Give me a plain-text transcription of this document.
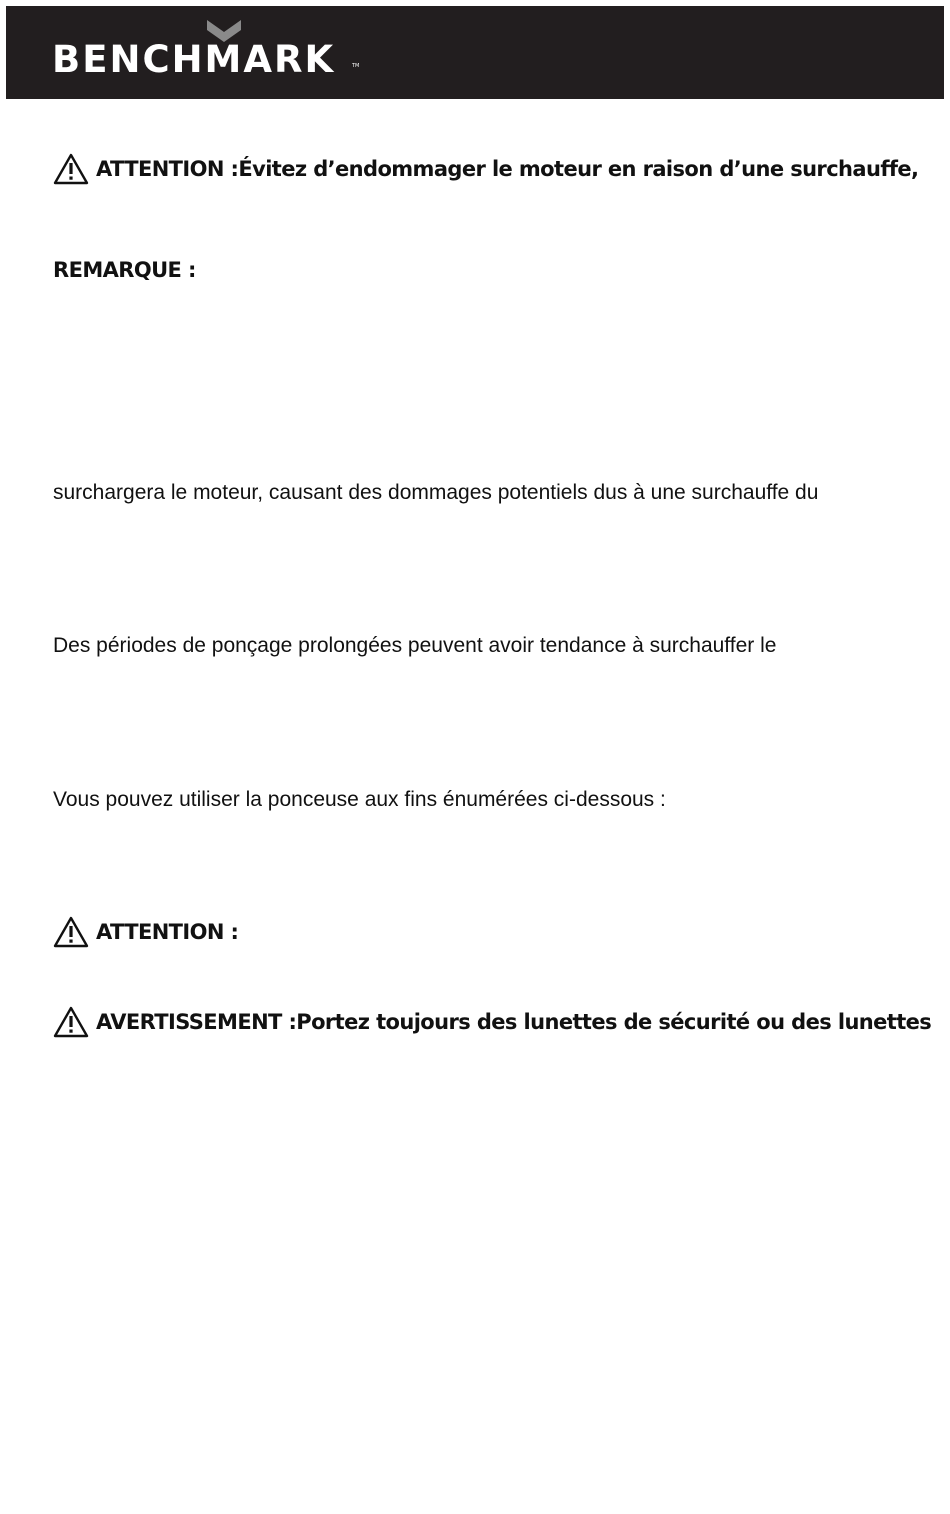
BENCHMARK	TM
ATTENTION : Évitez d’endommager le moteur en raison d’une surchauffe,
REMARQUE :
surchargera le moteur, causant des dommages potentiels dus à une surchauffe du
Des périodes de ponçage prolongées peuvent avoir tendance à surchauffer le
Vous pouvez utiliser la ponceuse aux fins énumérées ci-dessous :
ATTENTION :
AVERTISSEMENT : Portez toujours des lunettes de sécurité ou des lunettes
